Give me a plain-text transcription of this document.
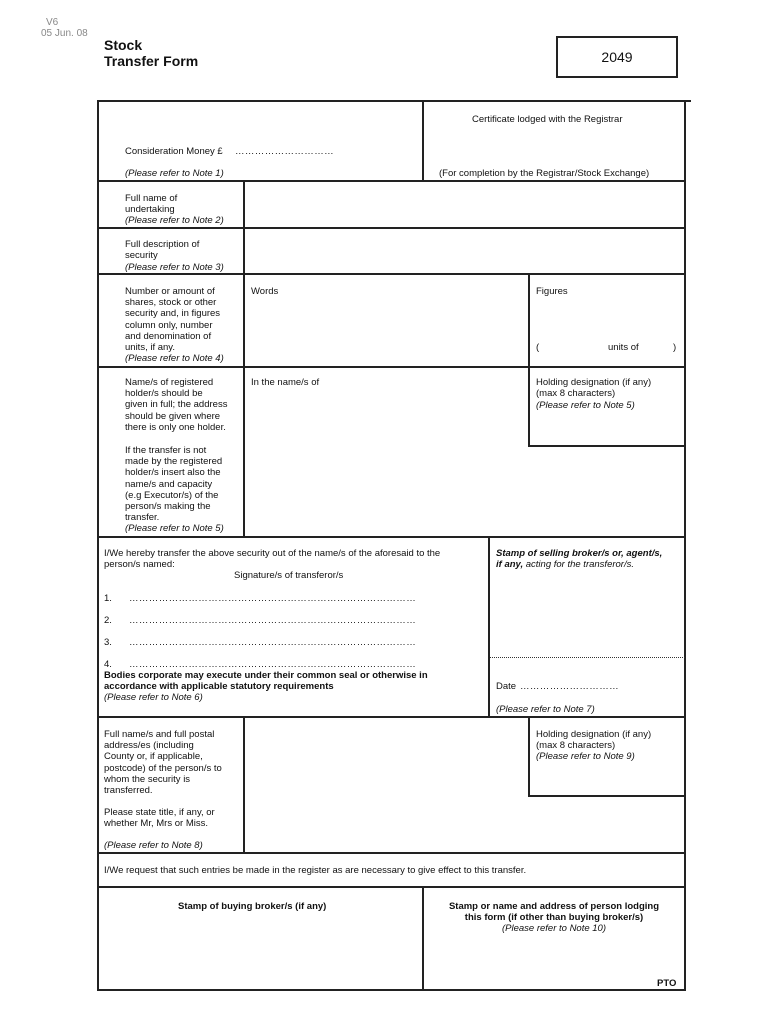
V6
05 Jun. 08
Stock
Transfer Form	2049
Certificate lodged with the Registrar
Consideration Money £ …………………………
(Please refer to Note 1)	(For completion by the Registrar/Stock Exchange)
Full name of
undertaking
(Please refer to Note 2)
Full description of
security
(Please refer to Note 3)
Number or amount of
shares, stock or other
security and, in figures
column only, number
and denomination of
units, if any.
(Please refer to Note 4)
Words	Figures
(	units of	)
Name/s of registered
holder/s should be
given in full; the address
should be given where
there is only one holder.
If the transfer is not
made by the registered
holder/s insert also the
name/s and capacity
(e.g Executor/s) of the
person/s making the
transfer.
(Please refer to Note 5)
In the name/s of	Holding designation (if any)
(max 8 characters)
(Please refer to Note 5)
I/We hereby transfer the above security out of the name/s of the aforesaid to the
person/s named:
Signature/s of transferor/s
1. ……………………………………………………………………………
2. ……………………………………………………………………………
3. ……………………………………………………………………………
4. ……………………………………………………………………………
Bodies corporate may execute under their common seal or otherwise in
accordance with applicable statutory requirements
(Please refer to Note 6)
Stamp of selling broker/s or, agent/s,
if any, acting for the transferor/s.
Date …………………………
(Please refer to Note 7)
Full name/s and full postal
address/es (including
County or, if applicable,
postcode) of the person/s to
whom the security is
transferred.
Please state title, if any, or
whether Mr, Mrs or Miss.
(Please refer to Note 8)
Holding designation (if any)
(max 8 characters)
(Please refer to Note 9)
I/We request that such entries be made in the register as are necessary to give effect to this transfer.
Stamp of buying broker/s (if any)	Stamp or name and address of person lodging
this form (if other than buying broker/s)
(Please refer to Note 10)
PTO
